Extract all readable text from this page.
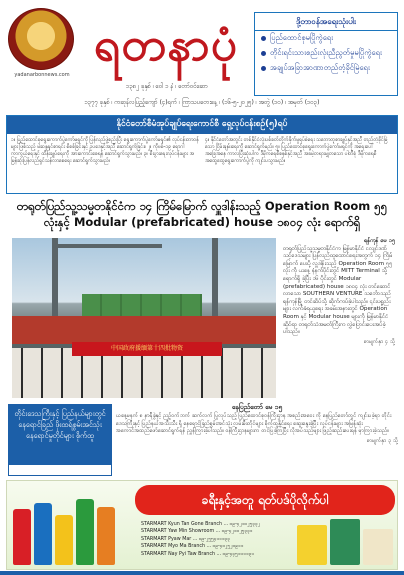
yadanarbonnews.com
ရတနာပုံ
၁၃၈၂ ခုနှစ် ၊ ဝေါ ၁ နံ ၊ တော်ဝင်ဆော
၁၃၇၇ ခုနှစ် ၊ ကဆုန်လပြည့်ကျော် (၄)ရက် ၊ ကြာသပတေးနေ့ ၊ (၁၆-၅-၂၀၂၅) ၊ အတွဲ (၁၀) ၊ အမှတ် (၁၀၃)
ဒို့တာဝန်အရေးသုံးပါး
ပြည်ထောင်စုမပြိုကွဲရေး
တိုင်းရင်းသားစည်းလုံးညီညွတ်မှုမပြိုကွဲရေး
အချုပ်အခြာအာဏာတည်တံ့ခိုင်မြဲရေး
နိုင်ငံတော်စီမံအုပ်ချုပ်ရေးကောင်စီ ရှေ့လုပ်ငန်းစဉ်(၅)ရပ်
၁။ ပြည်ထောင်စုရွေးကောက်ပွဲကော်မရှင်ကို ပြန်လည်ဖွဲ့စည်းပြီး ရွေးကောက်ပွဲကော်မရှင်၏ လုပ်ငန်းတာဝန်များ ဖြစ်သည့် မဲဆန္ဒရှင်စာရင်း စိစစ်ခြင်းနှင့် ဥပဒေနှင့်အညီ ဆောင်ရွက်ခြင်း။ ၂။ ကိုဗစ်-၁၉ ရောဂါကာကွယ်ရေးနှင့် ထိန်းချုပ်ရေးကို အားကောင်းစေရန် ဆောင်ရွက်သွားမည်။ ၃။ စီးပွားရေးလုပ်ငန်းများ အမြန်ဆုံးပြန်လည်ရှင်သန်လာစေရေး ဆောင်ရွက်သွားမည်။
၄။ နိုင်ငံတော်အတွင်း တစ်နိုင်ငံလုံးပစ်ခတ်တိုက်ခိုက်မှုရပ်စဲရေး သဘောတူစာချုပ်နှင့်အညီ တည်တံ့ခိုင်မြဲသော ငြိမ်းချမ်းရေးကို ဆောင်ရွက်မည်။ ၅။ ပြည်ထောင်စုရွေးကောက်ပွဲကော်မရှင်ကို အရေးပေါ်အခြေအနေ ကာလပြီးဆုံးပါက ဒီမိုကရေစီစနစ်နှင့်အညီ အခမဲ့တရားမျှတသော ပါတီစုံ ဒီမိုကရေစီ အထွေထွေရွေးကောက်ပွဲကို ကျင်းပသွားမည်။
တရုတ်ပြည်သူ့သမ္မတနိုင်ငံက ၁၄ ကြိမ်မြောက် လှူဒါန်းသည့် Operation Room ၅၅ လုံးနှင့် Modular (prefabricated) house ၁၈၀၄ လုံး ရောက်ရှိ
中国政府援缅第十四批物资
ရန်ကုန် မေ ၁၅
တရုတ်ပြည်သူ့သမ္မတနိုင်ငံက မြန်မာနိုင်ငံ ငလျင်ဒဏ်သင့်ဒေသများ ပြန်လည်ထူထောင်ရေးအတွက် ၁၄ ကြိမ်မြောက် ပေးပို့ လှူဒါန်းသည့် Operation Room ၅၅ လုံး ကို ယနေ့ နံနက်ပိုင်းတွင် MITT Terminal သို့ ရောက်ရှိ ခဲ့ပြီး ၁၆ ပိုင်းတွင် Modular (prefabricated) house ၁၈၀၄ လုံး တင်ဆောင် လာသော SOUTHERN VENTURE သင်္ဘောသည် ရန်ကုန်မြို့ တင်ဆိပ်သို့ ဆိုက်ကပ်ခဲ့ပါသည်။ ၎င်းပစ္စည်းများ လက်ခံရယူရေး အခမ်းအနားတွင် Operation Room နှင့် Modular house များကို မြန်မာနိုင်ငံ ဆိုင်ရာ တရုတ်သံအမတ်ကြီးက လွှဲပြောင်းပေးအပ်ခဲ့ပါသည်။
စာမျက်နှာ ၄ သို့
တိုင်းဒေသကြီးနှင့် ပြည်နယ်များတွင် နေရောင်ခြည် ဖိုးထရ်စွမ်းအင်သုံး နေရောင်မှုတိုင်များ စိုက်ထူ
နေပြည်တော် မေ ၁၅
ယနေ့မနက် ၈ နာရီခွဲနှင့် ညဉ့်ဝက်ဘက် ဆက်လက် ပြုလုပ်သည့် ပြည်ထောင်စုဝန်ကြီးဌာန အစည်းအဝေး ကို နေပြည်တော်တွင် ကျင်းပခဲ့ရာ တိုင်းဒေသကြီးနှင့် ပြည်နယ်အသီးသီး ရှိ နေရောင်ခြည်စွမ်းအင်သုံး လမ်းမီးတိုင်များ စိုက်ထူနိုင်ရေး ဆွေးနွေးခဲ့ပြီး လုပ်ငန်းများ အမြန်ဆုံး အကောင်အထည်ဖော်ဆောင်ရွက်ရန် ညွှန်ကြားခဲ့ပါသည်။ ဝန်ကြီးဌာနများက တင်ပြခဲ့ကြပြီး လိုအပ်သည်များ ဖြည့်ဆည်းပေးရန် မှာကြားခဲ့သည်။
စာမျက်နှာ ၃ သို့
ခရီးနှင့်အတူ ရတ်ပဒ်ပိုလိုက်ပါ
STARMART Kyun Tan Gone Branch ... ၀၉-၄၂၁၀၂၅၃၃၂
STARMART Yaw Min Showroom ... ၀၉-၄၂၁၀၂၅၃၃၁
STARMART Pyaw Mar ... ၀၉-၂၅၅၄၁၁၁၃၃
STARMART Myo Ma Branch ... ၀၉-၄၀၂၅၂၀၉၁၁
STARMART Nay Pyi Taw Branch ... ၀၉-၄၄၅၁၁၁၁၃၁
